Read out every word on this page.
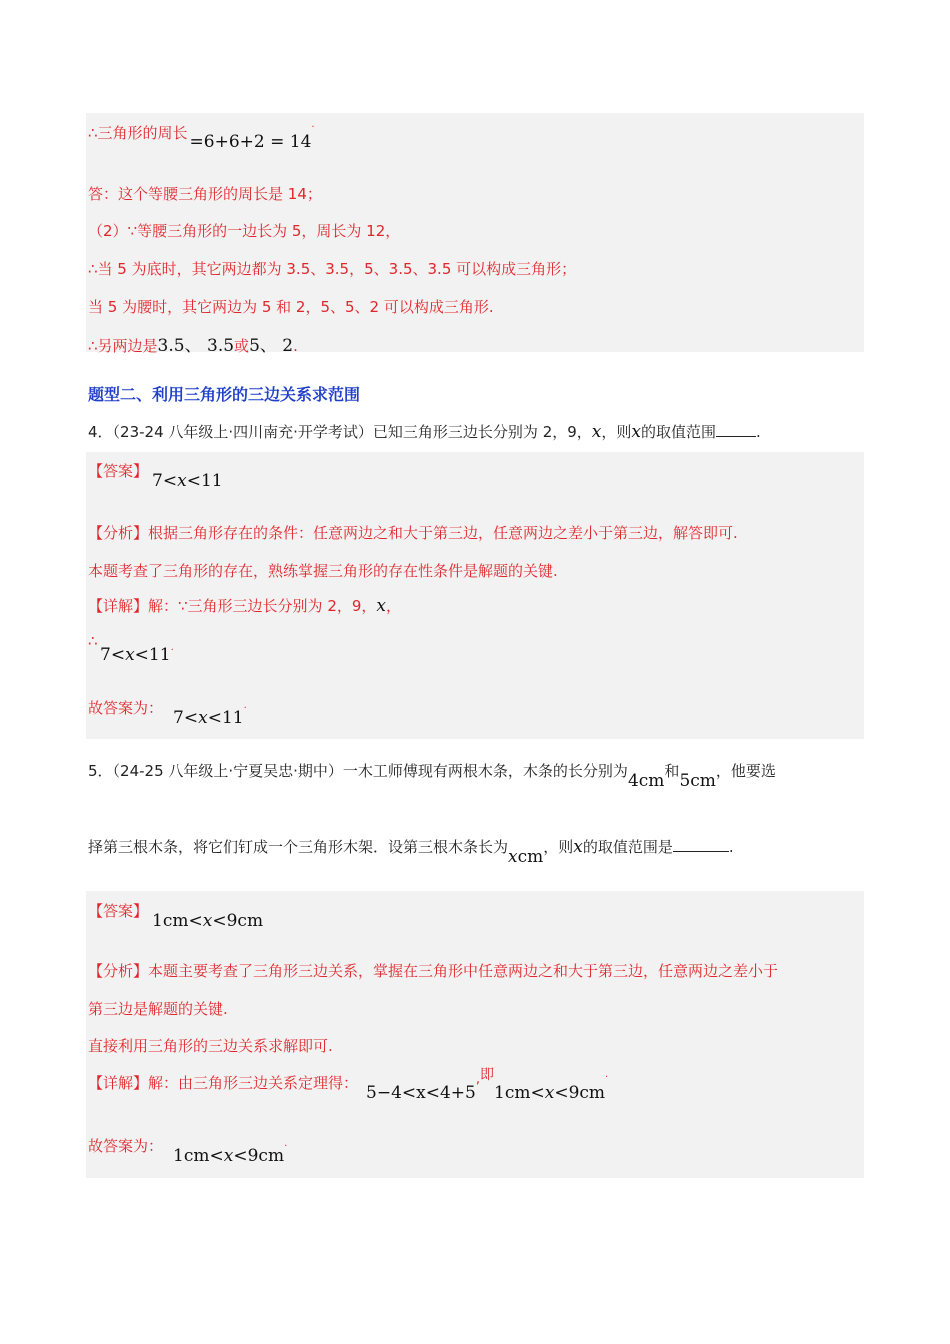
∴三角形的周长 =6+6+2 = 14·
答：这个等腰三角形的周长是 14；
（2）∵等腰三角形的一边长为 5，周长为 12，
∴当 5 为底时，其它两边都为 3.5、3.5，5、3.5、3.5 可以构成三角形；
当 5 为腰时，其它两边为 5 和 2，5、5、2 可以构成三角形.
∴另两边是3.5、 3.5或5、 2.
题型二、利用三角形的三边关系求范围
4．（23-24 八年级上·四川南充·开学考试）已知三角形三边长分别为 2，9，x，则x的取值范围	.
【答案】 7<x<11
【分析】根据三角形存在的条件：任意两边之和大于第三边，任意两边之差小于第三边，解答即可.
本题考查了三角形的存在，熟练掌握三角形的存在性条件是解题的关键.
【详解】解：∵三角形三边长分别为 2，9，x，
∴
7<x<11·
故答案为： 7<x<11·
5．（24-25 八年级上·宁夏吴忠·期中）一木工师傅现有两根木条，木条的长分别为4cm和5cm，他要选
择第三根木条，将它们钉成一个三角形木架．设第三根木条长为xcm，则x的取值范围是	.
【答案】 1cm<x<9cm
【分析】本题主要考查了三角形三边关系，掌握在三角形中任意两边之和大于第三边，任意两边之差小于
第三边是解题的关键.
直接利用三角形的三边关系求解即可.
【详解】解：由三角形三边关系定理得： 5−4<x<4+5,即1cm<x<9cm·
故答案为： 1cm<x<9cm·
